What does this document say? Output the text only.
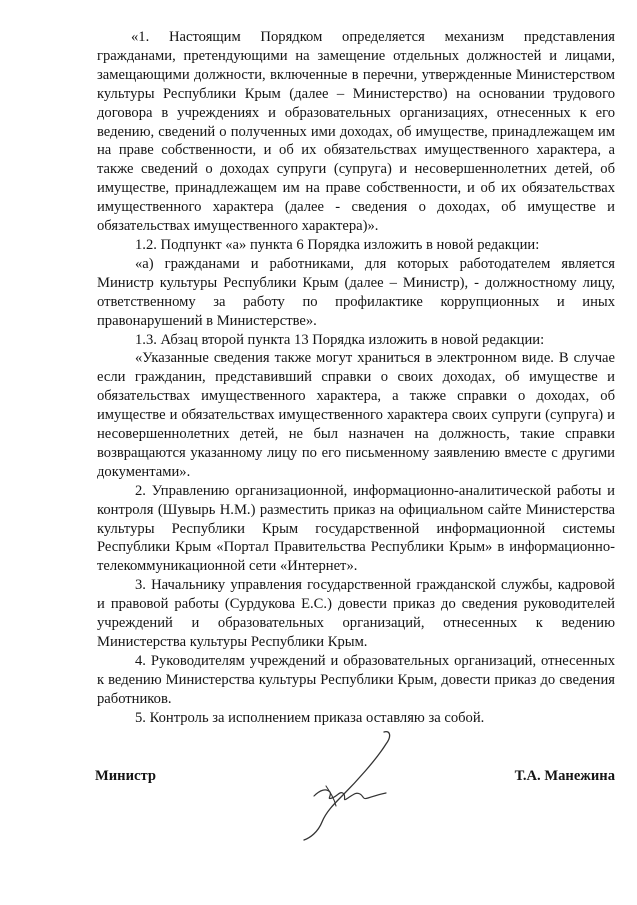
«1. Настоящим Порядком определяется механизм представления гражданами, претендующими на замещение отдельных должностей и лицами, замещающими должности, включенные в перечни, утвержденные Министерством культуры Республики Крым (далее – Министерство) на основании трудового договора в учреждениях и образовательных организациях, отнесенных к его ведению, сведений о полученных ими доходах, об имуществе, принадлежащем им на праве собственности, и об их обязательствах имущественного характера, а также сведений о доходах супруги (супруга) и несовершеннолетних детей, об имуществе, принадлежащем им на праве собственности, и об их обязательствах имущественного характера (далее - сведения о доходах, об имуществе и обязательствах имущественного характера)».

1.2. Подпункт «а» пункта 6 Порядка изложить в новой редакции:

«а) гражданами и работниками, для которых работодателем является Министр культуры Республики Крым (далее – Министр), - должностному лицу, ответственному за работу по профилактике коррупционных и иных правонарушений в Министерстве».

1.3. Абзац второй пункта 13 Порядка изложить в новой редакции:

«Указанные сведения также могут храниться в электронном виде. В случае если гражданин, представивший справки о своих доходах, об имуществе и обязательствах имущественного характера, а также справки о доходах, об имуществе и обязательствах имущественного характера своих супруги (супруга) и несовершеннолетних детей, не был назначен на должность, такие справки возвращаются указанному лицу по его письменному заявлению вместе с другими документами».

2. Управлению организационной, информационно-аналитической работы и контроля (Шувырь Н.М.) разместить приказ на официальном сайте Министерства культуры Республики Крым государственной информационной системы Республики Крым «Портал Правительства Республики Крым» в информационно-телекоммуникационной сети «Интернет».

3. Начальнику управления государственной гражданской службы, кадровой и правовой работы (Сурдукова Е.С.) довести приказ до сведения руководителей учреждений и образовательных организаций, отнесенных к ведению Министерства культуры Республики Крым.

4. Руководителям учреждений и образовательных организаций, отнесенных к ведению Министерства культуры Республики Крым, довести приказ до сведения работников.

5. Контроль за исполнением приказа оставляю за собой.

Министр	Т.А. Манежина
